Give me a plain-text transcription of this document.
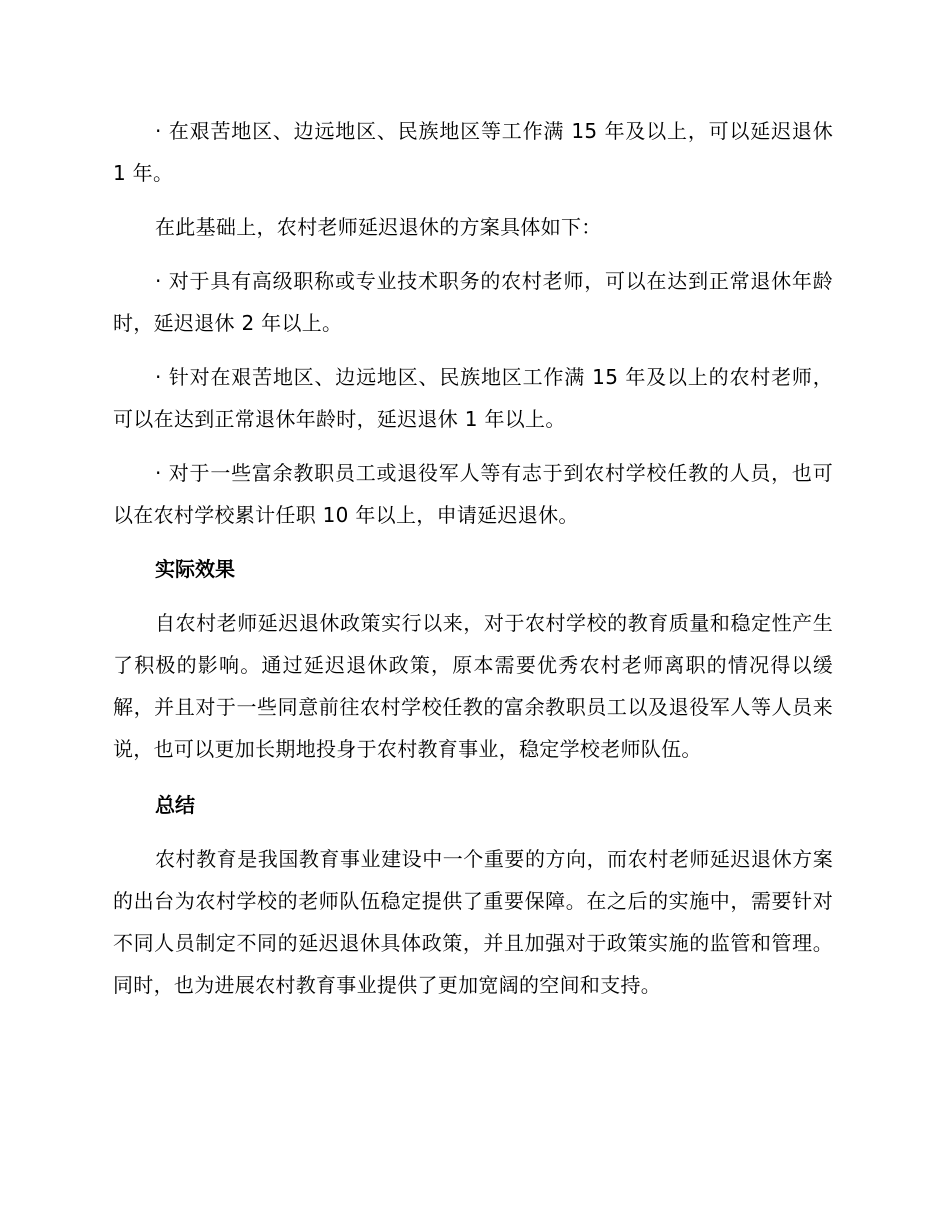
· 在艰苦地区、边远地区、民族地区等工作满 15 年及以上，可以延迟退休 1 年。

在此基础上，农村老师延迟退休的方案具体如下：

· 对于具有高级职称或专业技术职务的农村老师，可以在达到正常退休年龄时，延迟退休 2 年以上。

· 针对在艰苦地区、边远地区、民族地区工作满 15 年及以上的农村老师，可以在达到正常退休年龄时，延迟退休 1 年以上。

· 对于一些富余教职员工或退役军人等有志于到农村学校任教的人员，也可以在农村学校累计任职 10 年以上，申请延迟退休。

实际效果

自农村老师延迟退休政策实行以来，对于农村学校的教育质量和稳定性产生了积极的影响。通过延迟退休政策，原本需要优秀农村老师离职的情况得以缓解，并且对于一些同意前往农村学校任教的富余教职员工以及退役军人等人员来说，也可以更加长期地投身于农村教育事业，稳定学校老师队伍。

总结

农村教育是我国教育事业建设中一个重要的方向，而农村老师延迟退休方案的出台为农村学校的老师队伍稳定提供了重要保障。在之后的实施中，需要针对不同人员制定不同的延迟退休具体政策，并且加强对于政策实施的监管和管理。同时，也为进展农村教育事业提供了更加宽阔的空间和支持。
